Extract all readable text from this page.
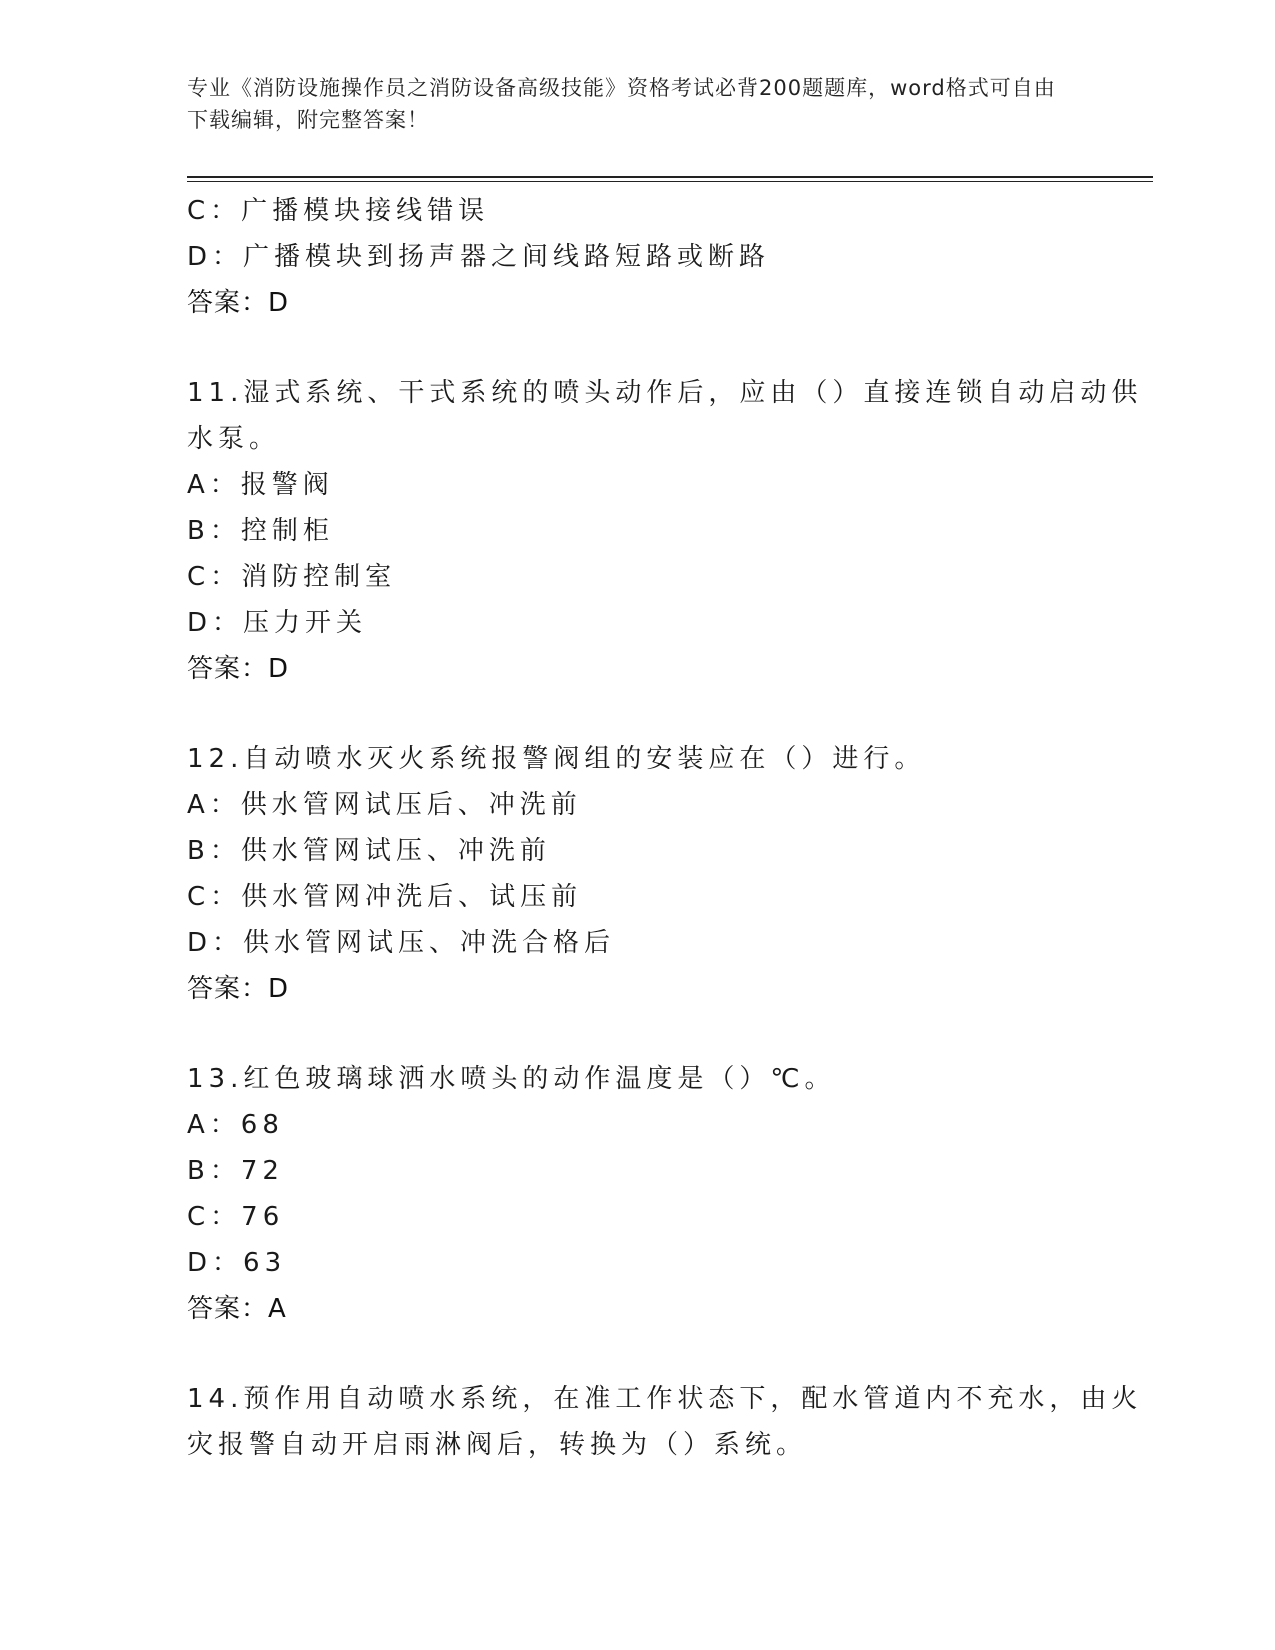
专业《消防设施操作员之消防设备高级技能》资格考试必背200题题库，word格式可自由下载编辑，附完整答案！
C：广播模块接线错误
D：广播模块到扬声器之间线路短路或断路
答案：D
11.湿式系统、干式系统的喷头动作后，应由（）直接连锁自动启动供
水泵。
A：报警阀
B：控制柜
C：消防控制室
D：压力开关
答案：D
12.自动喷水灭火系统报警阀组的安装应在（）进行。
A：供水管网试压后、冲洗前
B：供水管网试压、冲洗前
C：供水管网冲洗后、试压前
D：供水管网试压、冲洗合格后
答案：D
13.红色玻璃球洒水喷头的动作温度是（）℃。
A：68
B：72
C：76
D：63
答案：A
14.预作用自动喷水系统，在准工作状态下，配水管道内不充水，由火
灾报警自动开启雨淋阀后，转换为（）系统。
